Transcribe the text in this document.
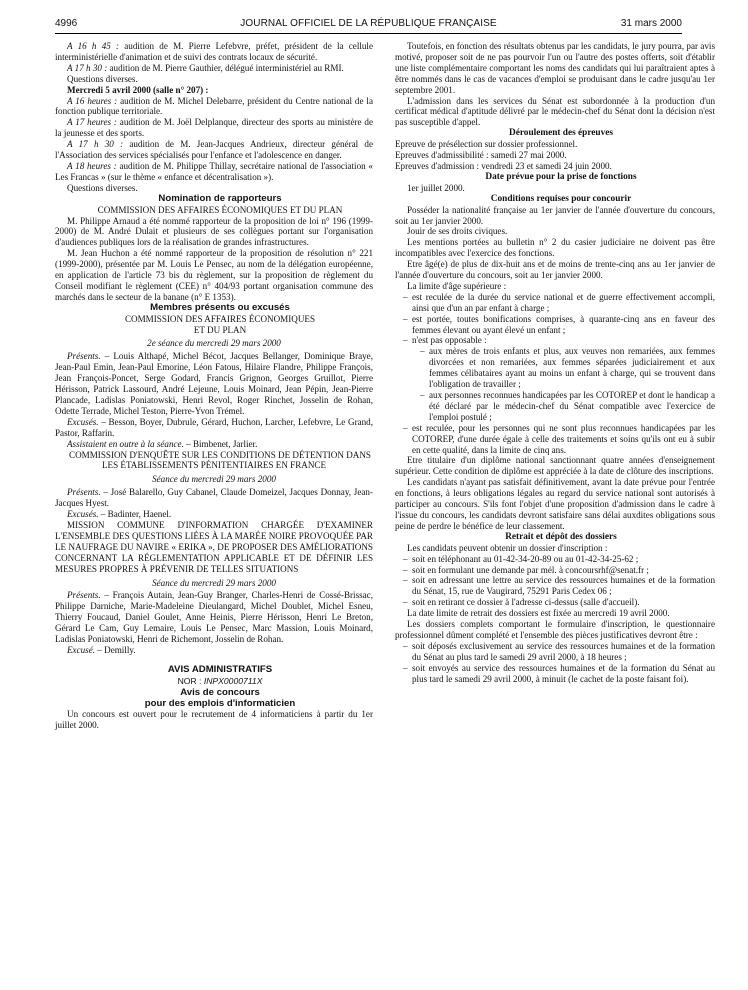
4996	JOURNAL OFFICIEL DE LA RÉPUBLIQUE FRANÇAISE	31 mars 2000

A 16 h 45 : audition de M. Pierre Lefebvre, préfet, président de la cellule interministérielle d'animation et de suivi des contrats locaux de sécurité.

A 17 h 30 : audition de M. Pierre Gauthier, délégué interministériel au RMI.

Questions diverses.

Mercredi 5 avril 2000 (salle n° 207) :

A 16 heures : audition de M. Michel Delebarre, président du Centre national de la fonction publique territoriale.

A 17 heures : audition de M. Joël Delplanque, directeur des sports au ministère de la jeunesse et des sports.

A 17 h 30 : audition de M. Jean-Jacques Andrieux, directeur général de l'Association des services spécialisés pour l'enfance et l'adolescence en danger.

A 18 heures : audition de M. Philippe Thillay, secrétaire national de l'association « Les Francas » (sur le thème « enfance et décentralisation »).

Questions diverses.

Nomination de rapporteurs

COMMISSION DES AFFAIRES ÉCONOMIQUES ET DU PLAN

M. Philippe Arnaud a été nommé rapporteur de la proposition de loi n° 196 (1999-2000) de M. André Dulait et plusieurs de ses collègues portant sur l'organisation d'audiences publiques lors de la réalisation de grandes infrastructures.

M. Jean Huchon a été nommé rapporteur de la proposition de résolution n° 221 (1999-2000), présentée par M. Louis Le Pensec, au nom de la délégation européenne, en application de l'article 73 bis du règlement, sur la proposition de règlement du Conseil modifiant le règlement (CEE) n° 404/93 portant organisation commune des marchés dans le secteur de la banane (n° E 1353).

Membres présents ou excusés

COMMISSION DES AFFAIRES ÉCONOMIQUES

ET DU PLAN

2e séance du mercredi 29 mars 2000

Présents. – Louis Althapé, Michel Bécot, Jacques Bellanger, Dominique Braye, Jean-Paul Emin, Jean-Paul Emorine, Léon Fatous, Hilaire Flandre, Philippe François, Jean François-Poncet, Serge Godard, Francis Grignon, Georges Gruillot, Pierre Hérisson, Patrick Lassourd, André Lejeune, Louis Moinard, Jean Pépin, Jean-Pierre Plancade, Ladislas Poniatowski, Henri Revol, Roger Rinchet, Josselin de Rohan, Odette Terrade, Michel Teston, Pierre-Yvon Trémel.

Excusés. – Besson, Boyer, Dubrule, Gérard, Huchon, Larcher, Lefebvre, Le Grand, Pastor, Raffarin.

Assistaient en outre à la séance. – Bimbenet, Jarlier.

COMMISSION D'ENQUÊTE SUR LES CONDITIONS DE DÉTENTION DANS LES ÉTABLISSEMENTS PÉNITENTIAIRES EN FRANCE

Séance du mercredi 29 mars 2000

Présents. – José Balarello, Guy Cabanel, Claude Domeizel, Jacques Donnay, Jean-Jacques Hyest.

Excusés. – Badinter, Haenel.

MISSION COMMUNE D'INFORMATION CHARGÉE D'EXAMINER L'ENSEMBLE DES QUESTIONS LIÉES À LA MARÉE NOIRE PROVOQUÉE PAR LE NAUFRAGE DU NAVIRE « ERIKA », DE PROPOSER DES AMÉLIORATIONS CONCERNANT LA RÉGLEMENTATION APPLICABLE ET DE DÉFINIR LES MESURES PROPRES À PRÉVENIR DE TELLES SITUATIONS

Séance du mercredi 29 mars 2000

Présents. – François Autain, Jean-Guy Branger, Charles-Henri de Cossé-Brissac, Philippe Darniche, Marie-Madeleine Dieulangard, Michel Doublet, Michel Esneu, Thierry Foucaud, Daniel Goulet, Anne Heinis, Pierre Hérisson, Henri Le Breton, Gérard Le Cam, Guy Lemaire, Louis Le Pensec, Marc Massion, Louis Moinard, Ladislas Poniatowski, Henri de Richemont, Josselin de Rohan.

Excusé. – Demilly.

AVIS ADMINISTRATIFS

NOR : INPX0000711X

Avis de concours

pour des emplois d'informaticien

Un concours est ouvert pour le recrutement de 4 informaticiens à partir du 1er juillet 2000.

Toutefois, en fonction des résultats obtenus par les candidats, le jury pourra, par avis motivé, proposer soit de ne pas pourvoir l'un ou l'autre des postes offerts, soit d'établir une liste complémentaire comportant les noms des candidats qui lui paraîtraient aptes à être nommés dans le cas de vacances d'emploi se produisant dans le cadre jusqu'au 1er septembre 2001.

L'admission dans les services du Sénat est subordonnée à la production d'un certificat médical d'aptitude délivré par le médecin-chef du Sénat dont la décision n'est pas susceptible d'appel.

Déroulement des épreuves

Epreuve de présélection sur dossier professionnel.

Epreuves d'admissibilité : samedi 27 mai 2000.

Epreuves d'admission : vendredi 23 et samedi 24 juin 2000.

Date prévue pour la prise de fonctions

1er juillet 2000.

Conditions requises pour concourir

Posséder la nationalité française au 1er janvier de l'année d'ouverture du concours, soit au 1er janvier 2000.

Jouir de ses droits civiques.

Les mentions portées au bulletin n° 2 du casier judiciaire ne doivent pas être incompatibles avec l'exercice des fonctions.

Etre âgé(e) de plus de dix-huit ans et de moins de trente-cinq ans au 1er janvier de l'année d'ouverture du concours, soit au 1er janvier 2000.

La limite d'âge supérieure :

– est reculée de la durée du service national et de guerre effectivement accompli, ainsi que d'un an par enfant à charge ;
– est portée, toutes bonifications comprises, à quarante-cinq ans en faveur des femmes élevant ou ayant élevé un enfant ;
– n'est pas opposable :
– aux mères de trois enfants et plus, aux veuves non remariées, aux femmes divorcées et non remariées, aux femmes séparées judiciairement et aux femmes célibataires ayant au moins un enfant à charge, qui se trouvent dans l'obligation de travailler ;
– aux personnes reconnues handicapées par les COTOREP et dont le handicap a été déclaré par le médecin-chef du Sénat compatible avec l'exercice de l'emploi postulé ;
– est reculée, pour les personnes qui ne sont plus reconnues handicapées par les COTOREP, d'une durée égale à celle des traitements et soins qu'ils ont eu à subir en cette qualité, dans la limite de cinq ans.

Etre titulaire d'un diplôme national sanctionnant quatre années d'enseignement supérieur. Cette condition de diplôme est appréciée à la date de clôture des inscriptions.

Les candidats n'ayant pas satisfait définitivement, avant la date prévue pour l'entrée en fonctions, à leurs obligations légales au regard du service national sont autorisés à participer au concours. S'ils font l'objet d'une proposition d'admission dans le cadre à l'issue du concours, les candidats devront satisfaire sans délai auxdites obligations sous peine de perdre le bénéfice de leur classement.

Retrait et dépôt des dossiers

Les candidats peuvent obtenir un dossier d'inscription :

– soit en téléphonant au 01-42-34-20-89 ou au 01-42-34-25-62 ;
– soit en formulant une demande par mél. à concoursrhf@senat.fr ;
– soit en adressant une lettre au service des ressources humaines et de la formation du Sénat, 15, rue de Vaugirard, 75291 Paris Cedex 06 ;
– soit en retirant ce dossier à l'adresse ci-dessus (salle d'accueil).

La date limite de retrait des dossiers est fixée au mercredi 19 avril 2000.

Les dossiers complets comportant le formulaire d'inscription, le questionnaire professionnel dûment complété et l'ensemble des pièces justificatives devront être :

– soit déposés exclusivement au service des ressources humaines et de la formation du Sénat au plus tard le samedi 29 avril 2000, à 18 heures ;
– soit envoyés au service des ressources humaines et de la formation du Sénat au plus tard le samedi 29 avril 2000, à minuit (le cachet de la poste faisant foi).
